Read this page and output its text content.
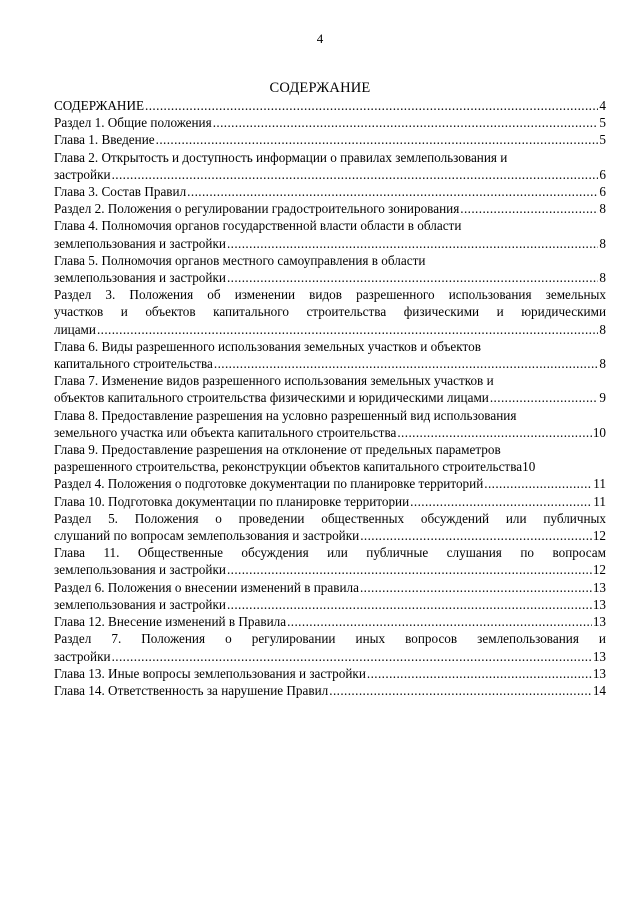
4
СОДЕРЖАНИЕ
СОДЕРЖАНИЕ .....	4
Раздел 1. Общие положения .....	5
Глава 1. Введение .....	5
Глава 2. Открытость и доступность информации о правилах землепользования и
застройки .....	6
Глава 3. Состав Правил .....	6
Раздел 2. Положения о регулировании градостроительного зонирования .....	8
Глава 4. Полномочия органов государственной власти области в области
землепользования и застройки .....	8
Глава 5. Полномочия органов местного самоуправления в области
землепользования и застройки .....	8
Раздел 3. Положения об изменении видов разрешенного использования земельных
участков и объектов капитального строительства физическими и юридическими
лицами .....	8
Глава 6. Виды разрешенного использования земельных участков и объектов
капитального строительства .....	8
Глава 7. Изменение видов разрешенного использования земельных участков и
объектов капитального строительства физическими и юридическими лицами .....	9
Глава 8. Предоставление разрешения на условно разрешенный вид использования
земельного участка или объекта капитального строительства .....	10
Глава 9. Предоставление разрешения на отклонение от предельных параметров
разрешенного строительства, реконструкции объектов капитального строительства 10
Раздел 4. Положения о подготовке документации по планировке территорий .....	11
Глава 10. Подготовка документации по планировке территории .....	11
Раздел 5. Положения о проведении общественных обсуждений или публичных
слушаний по вопросам землепользования и застройки .....	12
Глава 11. Общественные обсуждения или публичные слушания по вопросам
землепользования и застройки .....	12
Раздел 6. Положения о внесении изменений в правила .....	13
землепользования и застройки .....	13
Глава 12. Внесение изменений в Правила .....	13
Раздел 7. Положения о регулировании иных вопросов землепользования и
застройки .....	13
Глава 13. Иные вопросы землепользования и застройки .....	13
Глава 14. Ответственность за нарушение Правил .....	14
